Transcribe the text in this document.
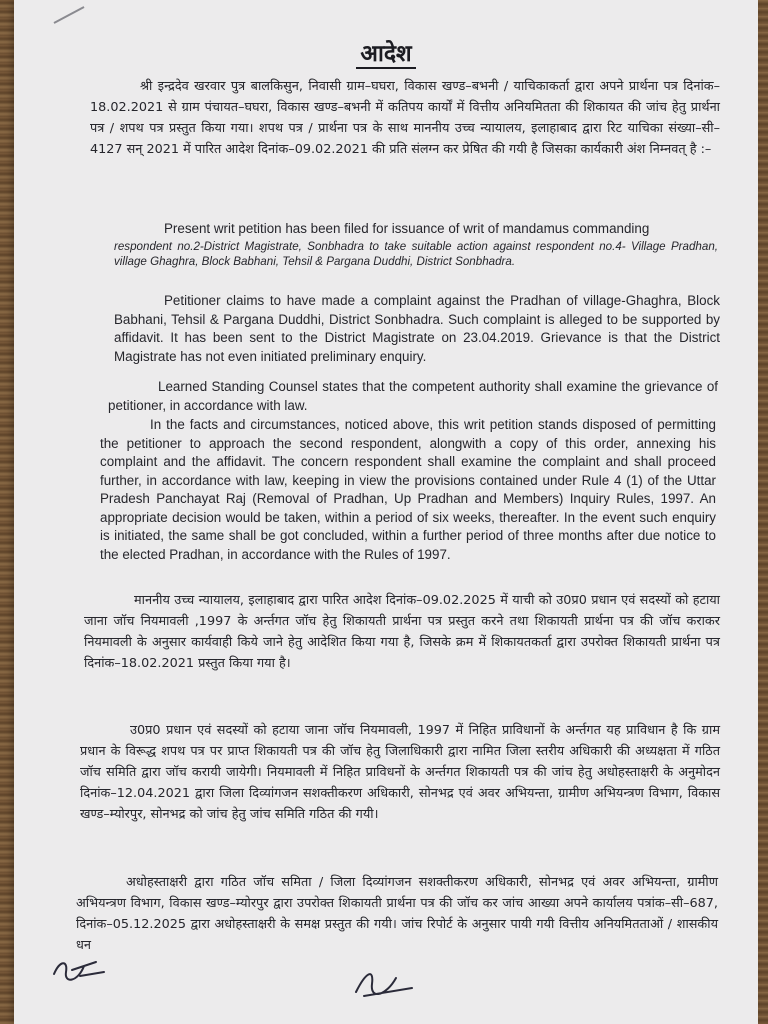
आदेश

श्री इन्द्रदेव खरवार पुत्र बालकिसुन, निवासी ग्राम–घघरा, विकास खण्ड–बभनी / याचिकाकर्ता द्वारा अपने प्रार्थना पत्र दिनांक–18.02.2021 से ग्राम पंचायत–घघरा, विकास खण्ड–बभनी में कतिपय कार्यों में वित्तीय अनियमितता की शिकायत की जांच हेतु प्रार्थना पत्र / शपथ पत्र प्रस्तुत किया गया। शपथ पत्र / प्रार्थना पत्र के साथ माननीय उच्च न्यायालय, इलाहाबाद द्वारा रिट याचिका संख्या–सी–4127 सन् 2021 में पारित आदेश दिनांक–09.02.2021 की प्रति संलग्न कर प्रेषित की गयी है जिसका कार्यकारी अंश निम्नवत् है :–

Present writ petition has been filed for issuance of writ of mandamus commanding

respondent no.2-District Magistrate, Sonbhadra to take suitable action against respondent no.4- Village Pradhan, village Ghaghra, Block Babhani, Tehsil & Pargana Duddhi, District Sonbhadra.

Petitioner claims to have made a complaint against the Pradhan of village-Ghaghra, Block Babhani, Tehsil & Pargana Duddhi, District Sonbhadra. Such complaint is alleged to be supported by affidavit. It has been sent to the District Magistrate on 23.04.2019. Grievance is that the District Magistrate has not even initiated preliminary enquiry.

Learned Standing Counsel states that the competent authority shall examine the grievance of petitioner, in accordance with law.

In the facts and circumstances, noticed above, this writ petition stands disposed of permitting the petitioner to approach the second respondent, alongwith a copy of this order, annexing his complaint and the affidavit. The concern respondent shall examine the complaint and shall proceed further, in accordance with law, keeping in view the provisions contained under Rule 4 (1) of the Uttar Pradesh Panchayat Raj (Removal of Pradhan, Up Pradhan and Members) Inquiry Rules, 1997. An appropriate decision would be taken, within a period of six weeks, thereafter. In the event such enquiry is initiated, the same shall be got concluded, within a further period of three months after due notice to the elected Pradhan, in accordance with the Rules of 1997.

माननीय उच्च न्यायालय, इलाहाबाद द्वारा पारित आदेश दिनांक–09.02.2025 में याची को उ0प्र0 प्रधान एवं सदस्यों को हटाया जाना जॉच नियमावली ,1997 के अर्न्तगत जॉच हेतु शिकायती प्रार्थना पत्र प्रस्तुत करने तथा शिकायती प्रार्थना पत्र की जॉच कराकर नियमावली के अनुसार कार्यवाही किये जाने हेतु आदेशित किया गया है, जिसके क्रम में शिकायतकर्ता द्वारा उपरोक्त शिकायती प्रार्थना पत्र दिनांक–18.02.2021 प्रस्तुत किया गया है।

उ0प्र0 प्रधान एवं सदस्यों को हटाया जाना जॉच नियमावली, 1997 में निहित प्राविधानों के अर्न्तगत यह प्राविधान है कि ग्राम प्रधान के विरूद्ध शपथ पत्र पर प्राप्त शिकायती पत्र की जॉच हेतु जिलाधिकारी द्वारा नामित जिला स्तरीय अधिकारी की अध्यक्षता में गठित जॉच समिति द्वारा जॉच करायी जायेगी। नियमावली में निहित प्राविधनों के अर्न्तगत शिकायती पत्र की जांच हेतु अधोहस्ताक्षरी के अनुमोदन दिनांक–12.04.2021 द्वारा जिला दिव्यांगजन सशक्तीकरण अधिकारी, सोनभद्र एवं अवर अभियन्ता, ग्रामीण अभियन्त्रण विभाग, विकास खण्ड–म्योरपुर, सोनभद्र को जांच हेतु जांच समिति गठित की गयी।

अधोहस्ताक्षरी द्वारा गठित जॉच समिता / जिला दिव्यांगजन सशक्तीकरण अधिकारी, सोनभद्र एवं अवर अभियन्ता, ग्रामीण अभियन्त्रण विभाग, विकास खण्ड–म्योरपुर द्वारा उपरोक्त शिकायती प्रार्थना पत्र की जॉच कर जांच आख्या अपने कार्यालय पत्रांक–सी–687, दिनांक–05.12.2025 द्वारा अधोहस्ताक्षरी के समक्ष प्रस्तुत की गयी। जांच रिपोर्ट के अनुसार पायी गयी वित्तीय अनियमितताओं / शासकीय धन
